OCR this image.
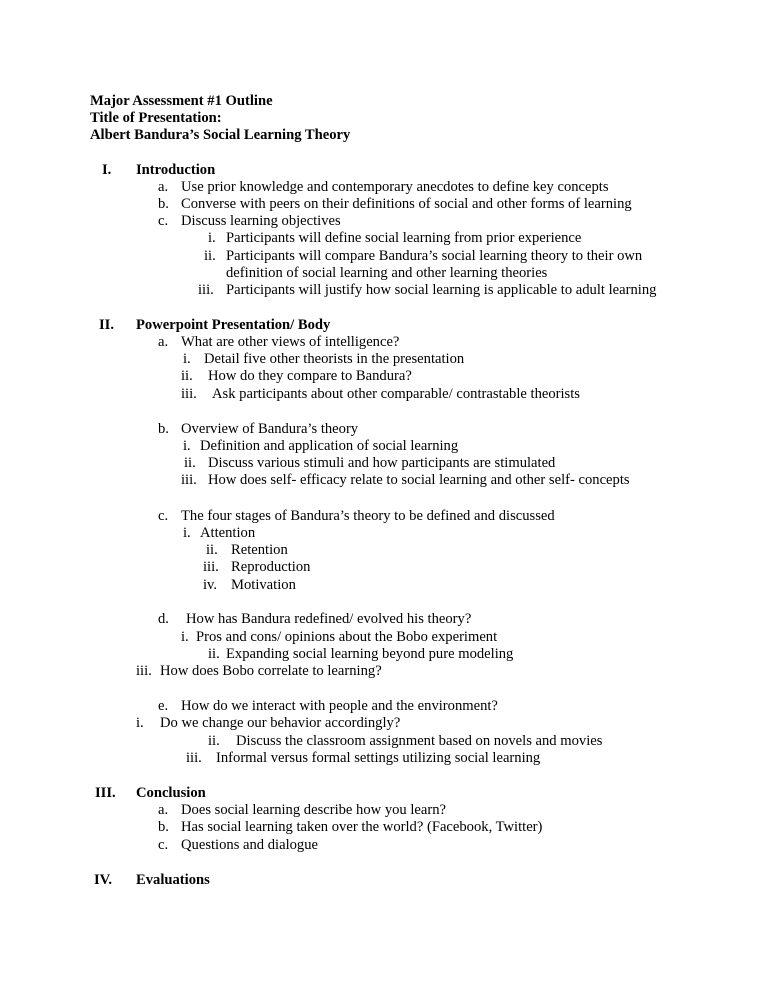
Major Assessment #1 Outline
Title of Presentation:
Albert Bandura’s Social Learning Theory
I. Introduction
a. Use prior knowledge and contemporary anecdotes to define key concepts
b. Converse with peers on their definitions of social and other forms of learning
c. Discuss learning objectives
i. Participants will define social learning from prior experience
ii. Participants will compare Bandura’s social learning theory to their own
definition of social learning and other learning theories
iii. Participants will justify how social learning is applicable to adult learning
II. Powerpoint Presentation/ Body
a. What are other views of intelligence?
i. Detail five other theorists in the presentation
ii. How do they compare to Bandura?
iii. Ask participants about other comparable/ contrastable theorists
b. Overview of Bandura’s theory
i. Definition and application of social learning
ii. Discuss various stimuli and how participants are stimulated
iii. How does self- efficacy relate to social learning and other self- concepts
c. The four stages of Bandura’s theory to be defined and discussed
i. Attention
ii. Retention
iii. Reproduction
iv. Motivation
d. How has Bandura redefined/ evolved his theory?
i. Pros and cons/ opinions about the Bobo experiment
ii. Expanding social learning beyond pure modeling
iii. How does Bobo correlate to learning?
e. How do we interact with people and the environment?
i. Do we change our behavior accordingly?
ii. Discuss the classroom assignment based on novels and movies
iii. Informal versus formal settings utilizing social learning
III. Conclusion
a. Does social learning describe how you learn?
b. Has social learning taken over the world? (Facebook, Twitter)
c. Questions and dialogue
IV. Evaluations
